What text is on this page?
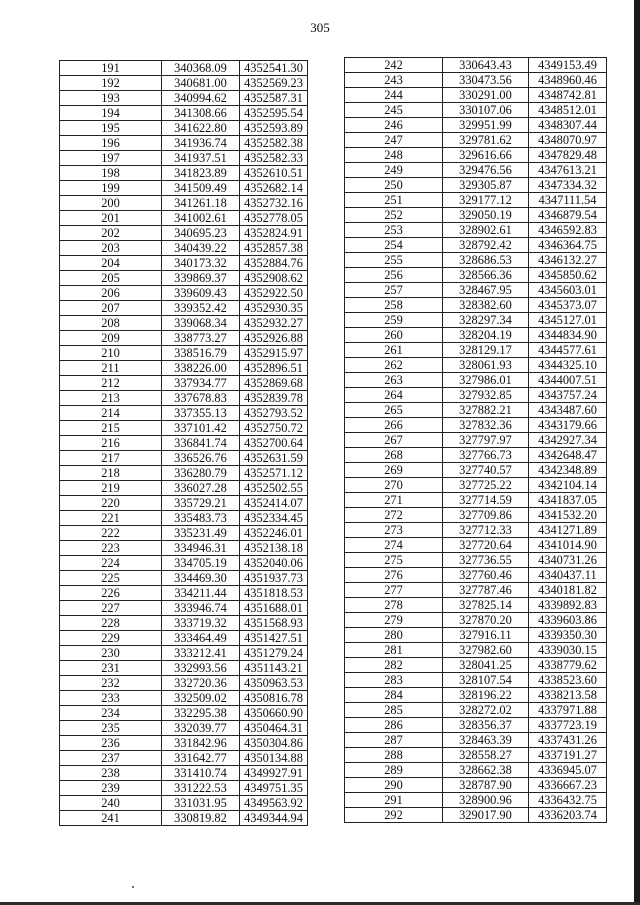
305
191	340368.09	4352541.30
192	340681.00	4352569.23
193	340994.62	4352587.31
194	341308.66	4352595.54
195	341622.80	4352593.89
196	341936.74	4352582.38
197	341937.51	4352582.33
198	341823.89	4352610.51
199	341509.49	4352682.14
200	341261.18	4352732.16
201	341002.61	4352778.05
202	340695.23	4352824.91
203	340439.22	4352857.38
204	340173.32	4352884.76
205	339869.37	4352908.62
206	339609.43	4352922.50
207	339352.42	4352930.35
208	339068.34	4352932.27
209	338773.27	4352926.88
210	338516.79	4352915.97
211	338226.00	4352896.51
212	337934.77	4352869.68
213	337678.83	4352839.78
214	337355.13	4352793.52
215	337101.42	4352750.72
216	336841.74	4352700.64
217	336526.76	4352631.59
218	336280.79	4352571.12
219	336027.28	4352502.55
220	335729.21	4352414.07
221	335483.73	4352334.45
222	335231.49	4352246.01
223	334946.31	4352138.18
224	334705.19	4352040.06
225	334469.30	4351937.73
226	334211.44	4351818.53
227	333946.74	4351688.01
228	333719.32	4351568.93
229	333464.49	4351427.51
230	333212.41	4351279.24
231	332993.56	4351143.21
232	332720.36	4350963.53
233	332509.02	4350816.78
234	332295.38	4350660.90
235	332039.77	4350464.31
236	331842.96	4350304.86
237	331642.77	4350134.88
238	331410.74	4349927.91
239	331222.53	4349751.35
240	331031.95	4349563.92
241	330819.82	4349344.94
242	330643.43	4349153.49
243	330473.56	4348960.46
244	330291.00	4348742.81
245	330107.06	4348512.01
246	329951.99	4348307.44
247	329781.62	4348070.97
248	329616.66	4347829.48
249	329476.56	4347613.21
250	329305.87	4347334.32
251	329177.12	4347111.54
252	329050.19	4346879.54
253	328902.61	4346592.83
254	328792.42	4346364.75
255	328686.53	4346132.27
256	328566.36	4345850.62
257	328467.95	4345603.01
258	328382.60	4345373.07
259	328297.34	4345127.01
260	328204.19	4344834.90
261	328129.17	4344577.61
262	328061.93	4344325.10
263	327986.01	4344007.51
264	327932.85	4343757.24
265	327882.21	4343487.60
266	327832.36	4343179.66
267	327797.97	4342927.34
268	327766.73	4342648.47
269	327740.57	4342348.89
270	327725.22	4342104.14
271	327714.59	4341837.05
272	327709.86	4341532.20
273	327712.33	4341271.89
274	327720.64	4341014.90
275	327736.55	4340731.26
276	327760.46	4340437.11
277	327787.46	4340181.82
278	327825.14	4339892.83
279	327870.20	4339603.86
280	327916.11	4339350.30
281	327982.60	4339030.15
282	328041.25	4338779.62
283	328107.54	4338523.60
284	328196.22	4338213.58
285	328272.02	4337971.88
286	328356.37	4337723.19
287	328463.39	4337431.26
288	328558.27	4337191.27
289	328662.38	4336945.07
290	328787.90	4336667.23
291	328900.96	4336432.75
292	329017.90	4336203.74
